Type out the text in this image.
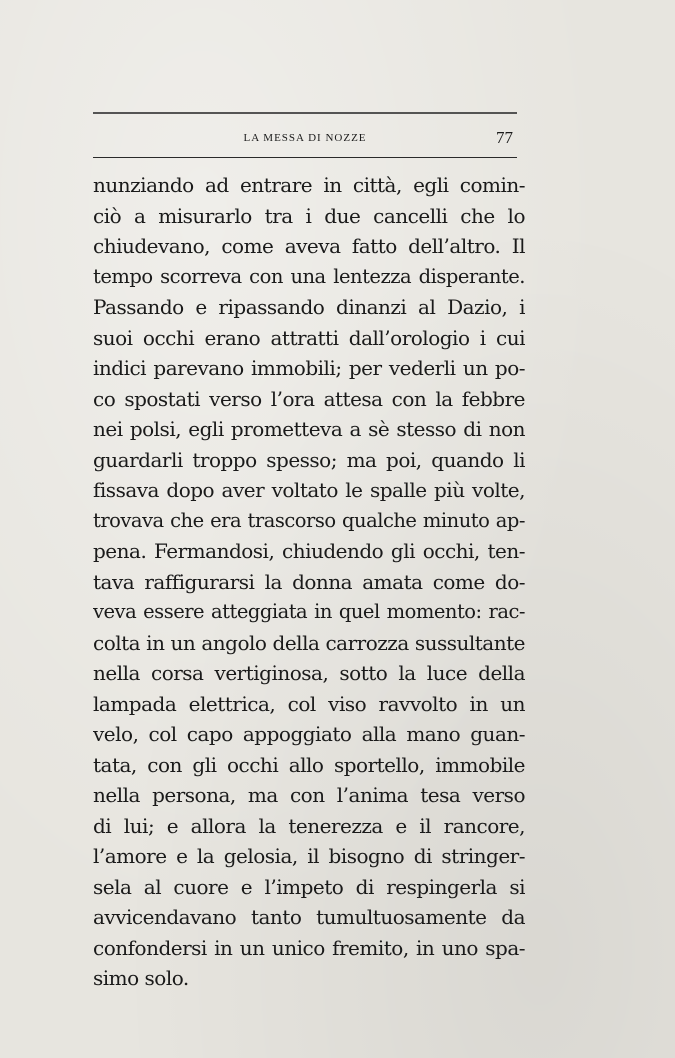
LA MESSA DI NOZZE	77
nunziando ad entrare in città, egli comin-
ciò a misurarlo tra i due cancelli che lo
chiudevano, come aveva fatto dell’altro. Il
tempo scorreva con una lentezza disperante.
Passando e ripassando dinanzi al Dazio, i
suoi occhi erano attratti dall’orologio i cui
indici parevano immobili; per vederli un po-
co spostati verso l’ora attesa con la febbre
nei polsi, egli prometteva a sè stesso di non
guardarli troppo spesso; ma poi, quando li
fissava dopo aver voltato le spalle più volte,
trovava che era trascorso qualche minuto ap-
pena. Fermandosi, chiudendo gli occhi, ten-
tava raffigurarsi la donna amata come do-
veva essere atteggiata in quel momento: rac-
colta in un angolo della carrozza sussultante
nella corsa vertiginosa, sotto la luce della
lampada elettrica, col viso ravvolto in un
velo, col capo appoggiato alla mano guan-
tata, con gli occhi allo sportello, immobile
nella persona, ma con l’anima tesa verso
di lui; e allora la tenerezza e il rancore,
l’amore e la gelosia, il bisogno di stringer-
sela al cuore e l’impeto di respingerla si
avvicendavano tanto tumultuosamente da
confondersi in un unico fremito, in uno spa-
simo solo.
